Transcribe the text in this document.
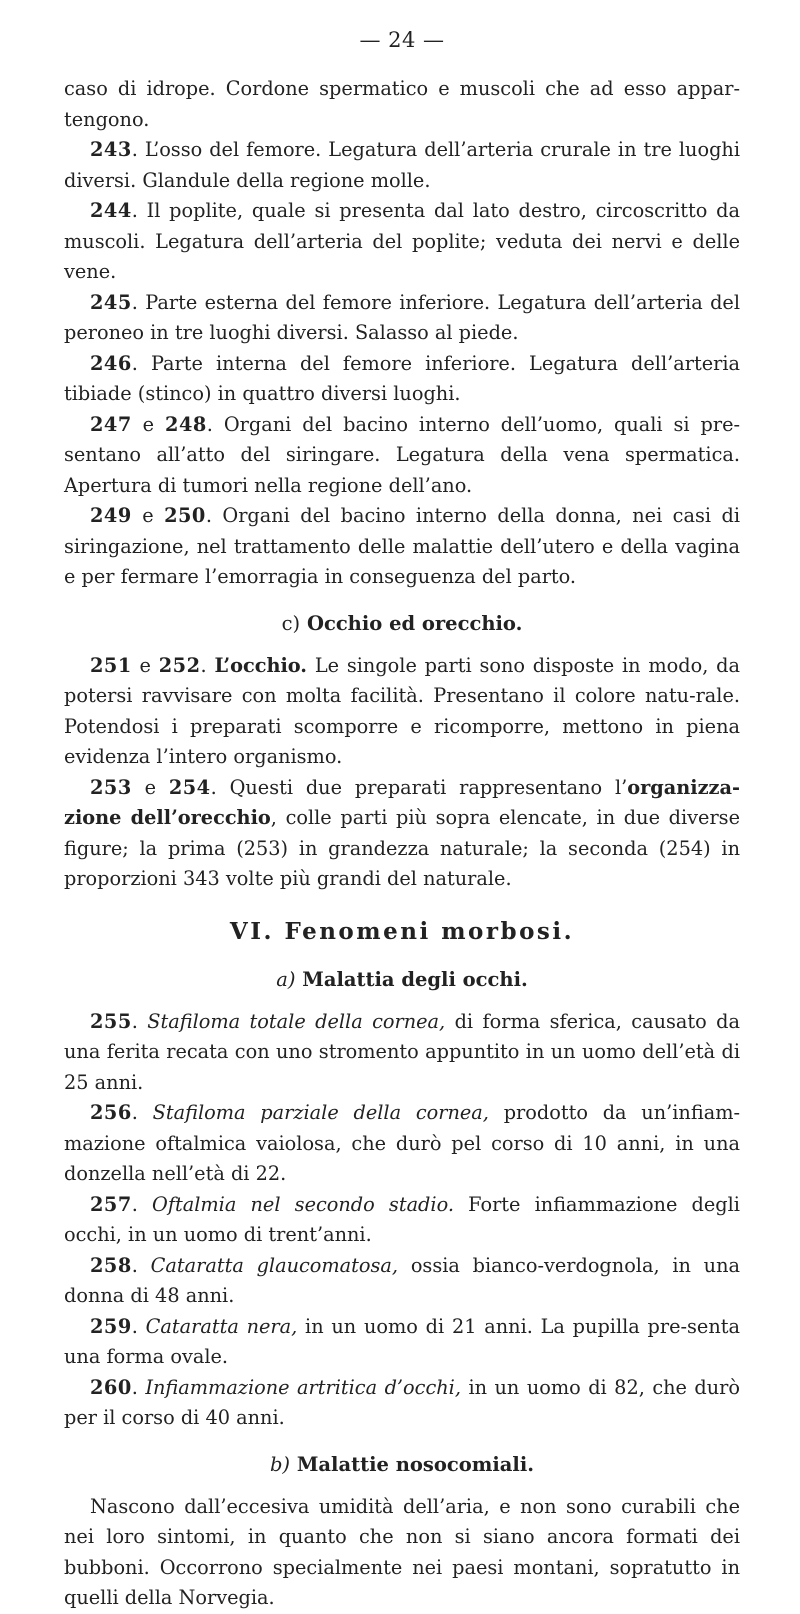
— 24 —

caso di idrope. Cordone spermatico e muscoli che ad esso appar-tengono.

243. L’osso del femore. Legatura dell’arteria crurale in tre luoghi diversi. Glandule della regione molle.

244. Il poplite, quale si presenta dal lato destro, circoscritto da muscoli. Legatura dell’arteria del poplite; veduta dei nervi e delle vene.

245. Parte esterna del femore inferiore. Legatura dell’arteria del peroneo in tre luoghi diversi. Salasso al piede.

246. Parte interna del femore inferiore. Legatura dell’arteria tibiade (stinco) in quattro diversi luoghi.

247 e 248. Organi del bacino interno dell’uomo, quali si pre-sentano all’atto del siringare. Legatura della vena spermatica. Apertura di tumori nella regione dell’ano.

249 e 250. Organi del bacino interno della donna, nei casi di siringazione, nel trattamento delle malattie dell’utero e della vagina e per fermare l’emorragia in conseguenza del parto.

c) Occhio ed orecchio.

251 e 252. L’occhio. Le singole parti sono disposte in modo, da potersi ravvisare con molta facilità. Presentano il colore natu-rale. Potendosi i preparati scomporre e ricomporre, mettono in piena evidenza l’intero organismo.

253 e 254. Questi due preparati rappresentano l’organizza-zione dell’orecchio, colle parti più sopra elencate, in due diverse figure; la prima (253) in grandezza naturale; la seconda (254) in proporzioni 343 volte più grandi del naturale.

VI. Fenomeni morbosi.
a) Malattia degli occhi.

255. Stafiloma totale della cornea, di forma sferica, causato da una ferita recata con uno stromento appuntito in un uomo dell’età di 25 anni.

256. Stafiloma parziale della cornea, prodotto da un’infiam-mazione oftalmica vaiolosa, che durò pel corso di 10 anni, in una donzella nell’età di 22.

257. Oftalmia nel secondo stadio. Forte infiammazione degli occhi, in un uomo di trent’anni.

258. Cataratta glaucomatosa, ossia bianco-verdognola, in una donna di 48 anni.

259. Cataratta nera, in un uomo di 21 anni. La pupilla pre-senta una forma ovale.

260. Infiammazione artritica d’occhi, in un uomo di 82, che durò per il corso di 40 anni.

b) Malattie nosocomiali.

Nascono dall’eccesiva umidità dell’aria, e non sono curabili che nei loro sintomi, in quanto che non si siano ancora formati dei bubboni. Occorrono specialmente nei paesi montani, sopratutto in quelli della Norvegia.
